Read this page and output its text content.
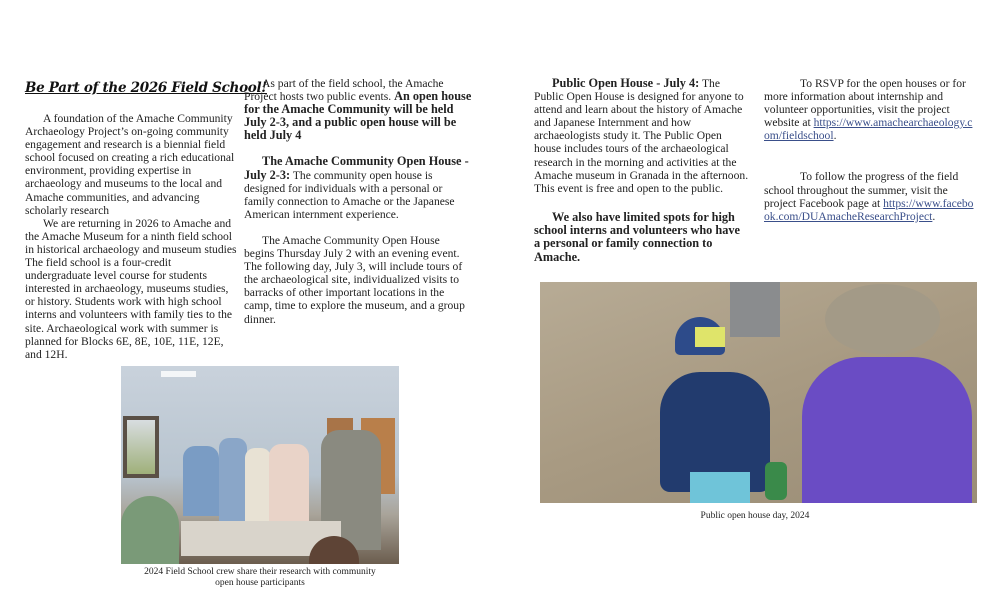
Be Part of the 2026 Field School!

A foundation of the Amache Community Archaeology Project’s on-going community engagement and research is a biennial field school focused on creating a rich educational environment, providing expertise in archaeology and museums to the local and Amache communities, and advancing scholarly research

We are returning in 2026 to Amache and the Amache Museum for a ninth field school in historical archaeology and museum studies The field school is a four-credit undergraduate level course for students interested in archaeology, museums studies, or history. Students work with high school interns and volunteers with family ties to the site. Archaeological work with summer is planned for Blocks 6E, 8E, 10E, 11E, 12E, and 12H.

As part of the field school, the Amache Project hosts two public events. An open house for the Amache Community will be held July 2-3, and a public open house will be held July 4

The Amache Community Open House - July 2-3: The community open house is designed for individuals with a personal or family connection to Amache or the Japanese American internment experience.

The Amache Community Open House begins Thursday July 2 with an evening event. The following day, July 3, will include tours of the archaeological site, individualized visits to barracks of other important locations in the camp, time to explore the museum, and a group dinner.

Public Open House - July 4: The Public Open House is designed for anyone to attend and learn about the history of Amache and Japanese Internment and how archaeologists study it. The Public Open house includes tours of the archaeological research in the morning and activities at the Amache museum in Granada in the afternoon. This event is free and open to the public.

We also have limited spots for high school interns and volunteers who have a personal or family connection to Amache.

To RSVP for the open houses or for more information about internship and volunteer opportunities, visit the project website at https://www.amachearchaeology.com/fieldschool.

To follow the progress of the field school throughout the summer, visit the project Facebook page at https://www.facebook.com/DUAmacheResearchProject.

2024 Field School crew share their research with community open house participants
Public open house day, 2024
